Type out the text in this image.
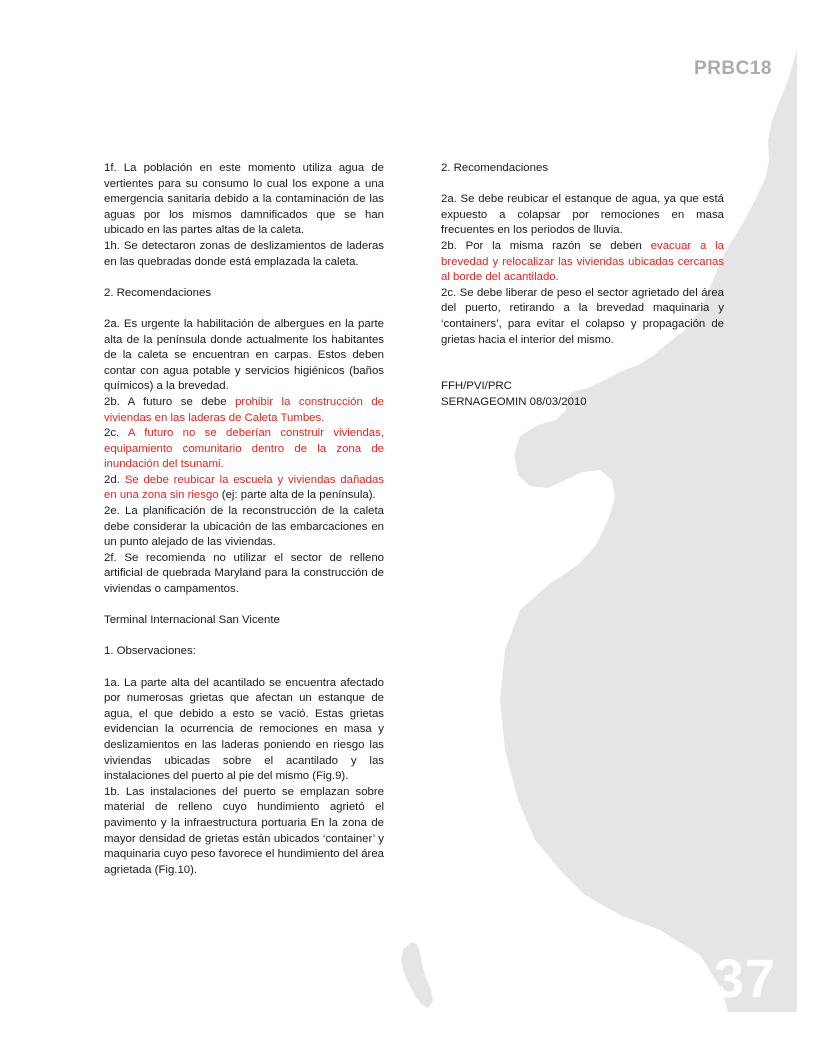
PRBC18
37

1f. La población en este momento utiliza agua de vertientes para su consumo lo cual los expone a una emergencia sanitaria debido a la contaminación de las aguas por los mismos damnificados que se han ubicado en las partes altas de la caleta.

1h. Se detectaron zonas de deslizamientos de laderas en las quebradas donde está emplazada la caleta.

2. Recomendaciones

2a. Es urgente la habilitación de albergues en la parte alta de la península donde actualmente los habitantes de la caleta se encuentran en carpas. Estos deben contar con agua potable y servicios higiénicos (baños químicos) a la brevedad.

2b. A futuro se debe prohibir la construcción de viviendas en las laderas de Caleta Tumbes.

2c. A futuro no se deberían construir viviendas, equipamiento comunitario dentro de la zona de inundación del tsunami.

2d. Se debe reubicar la escuela y viviendas dañadas en una zona sin riesgo (ej: parte alta de la península).

2e. La planificación de la reconstrucción de la caleta debe considerar la ubicación de las embarcaciones en un punto alejado de las viviendas.

2f. Se recomienda no utilizar el sector de relleno artificial de quebrada Maryland para la construcción de viviendas o campamentos.

Terminal Internacional San Vicente

1. Observaciones:

1a. La parte alta del acantilado se encuentra afectado por numerosas grietas que afectan un estanque de agua, el que debido a esto se vació. Estas grietas evidencian la ocurrencia de remociones en masa y deslizamientos en las laderas poniendo en riesgo las viviendas ubicadas sobre el acantilado y las instalaciones del puerto al pie del mismo (Fig.9).

1b. Las instalaciones del puerto se emplazan sobre material de relleno cuyo hundimiento agrietó el pavimento y la infraestructura portuaria En la zona de mayor densidad de grietas están ubicados ‘container’ y maquinaria cuyo peso favorece el hundimiento del área agrietada (Fig.10).

2. Recomendaciones

2a. Se debe reubicar el estanque de agua, ya que está expuesto a colapsar por remociones en masa frecuentes en los periodos de lluvia.

2b. Por la misma razón se deben evacuar a la brevedad y relocalizar las viviendas ubicadas cercanas al borde del acantilado.

2c. Se debe liberar de peso el sector agrietado del área del puerto, retirando a la brevedad maquinaria y ‘containers’, para evitar el colapso y propagación de grietas hacia el interior del mismo.

FFH/PVI/PRC

SERNAGEOMIN 08/03/2010
